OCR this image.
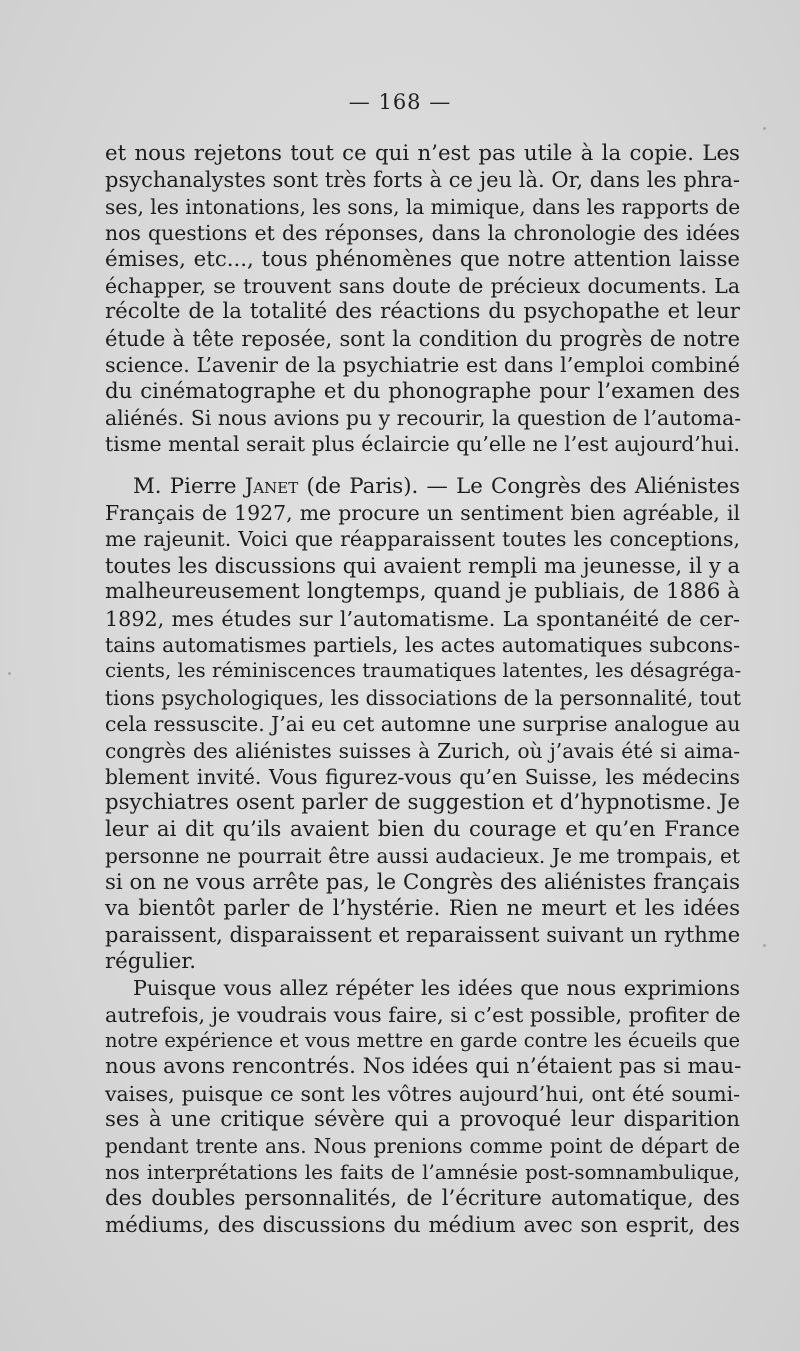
— 168 —
et nous rejetons tout ce qui n’est pas utile à la copie. Les
psychanalystes sont très forts à ce jeu là. Or, dans les phra-
ses, les intonations, les sons, la mimique, dans les rapports de
nos questions et des réponses, dans la chronologie des idées
émises, etc..., tous phénomènes que notre attention laisse
échapper, se trouvent sans doute de précieux documents. La
récolte de la totalité des réactions du psychopathe et leur
étude à tête reposée, sont la condition du progrès de notre
science. L’avenir de la psychiatrie est dans l’emploi combiné
du cinématographe et du phonographe pour l’examen des
aliénés. Si nous avions pu y recourir, la question de l’automa-
tisme mental serait plus éclaircie qu’elle ne l’est aujourd’hui.
M. Pierre Janet (de Paris). — Le Congrès des Aliénistes
Français de 1927, me procure un sentiment bien agréable, il
me rajeunit. Voici que réapparaissent toutes les conceptions,
toutes les discussions qui avaient rempli ma jeunesse, il y a
malheureusement longtemps, quand je publiais, de 1886 à
1892, mes études sur l’automatisme. La spontanéité de cer-
tains automatismes partiels, les actes automatiques subcons-
cients, les réminiscences traumatiques latentes, les désagréga-
tions psychologiques, les dissociations de la personnalité, tout
cela ressuscite. J’ai eu cet automne une surprise analogue au
congrès des aliénistes suisses à Zurich, où j’avais été si aima-
blement invité. Vous figurez-vous qu’en Suisse, les médecins
psychiatres osent parler de suggestion et d’hypnotisme. Je
leur ai dit qu’ils avaient bien du courage et qu’en France
personne ne pourrait être aussi audacieux. Je me trompais, et
si on ne vous arrête pas, le Congrès des aliénistes français
va bientôt parler de l’hystérie. Rien ne meurt et les idées
paraissent, disparaissent et reparaissent suivant un rythme
régulier.
Puisque vous allez répéter les idées que nous exprimions
autrefois, je voudrais vous faire, si c’est possible, profiter de
notre expérience et vous mettre en garde contre les écueils que
nous avons rencontrés. Nos idées qui n’étaient pas si mau-
vaises, puisque ce sont les vôtres aujourd’hui, ont été soumi-
ses à une critique sévère qui a provoqué leur disparition
pendant trente ans. Nous prenions comme point de départ de
nos interprétations les faits de l’amnésie post-somnambulique,
des doubles personnalités, de l’écriture automatique, des
médiums, des discussions du médium avec son esprit, des
